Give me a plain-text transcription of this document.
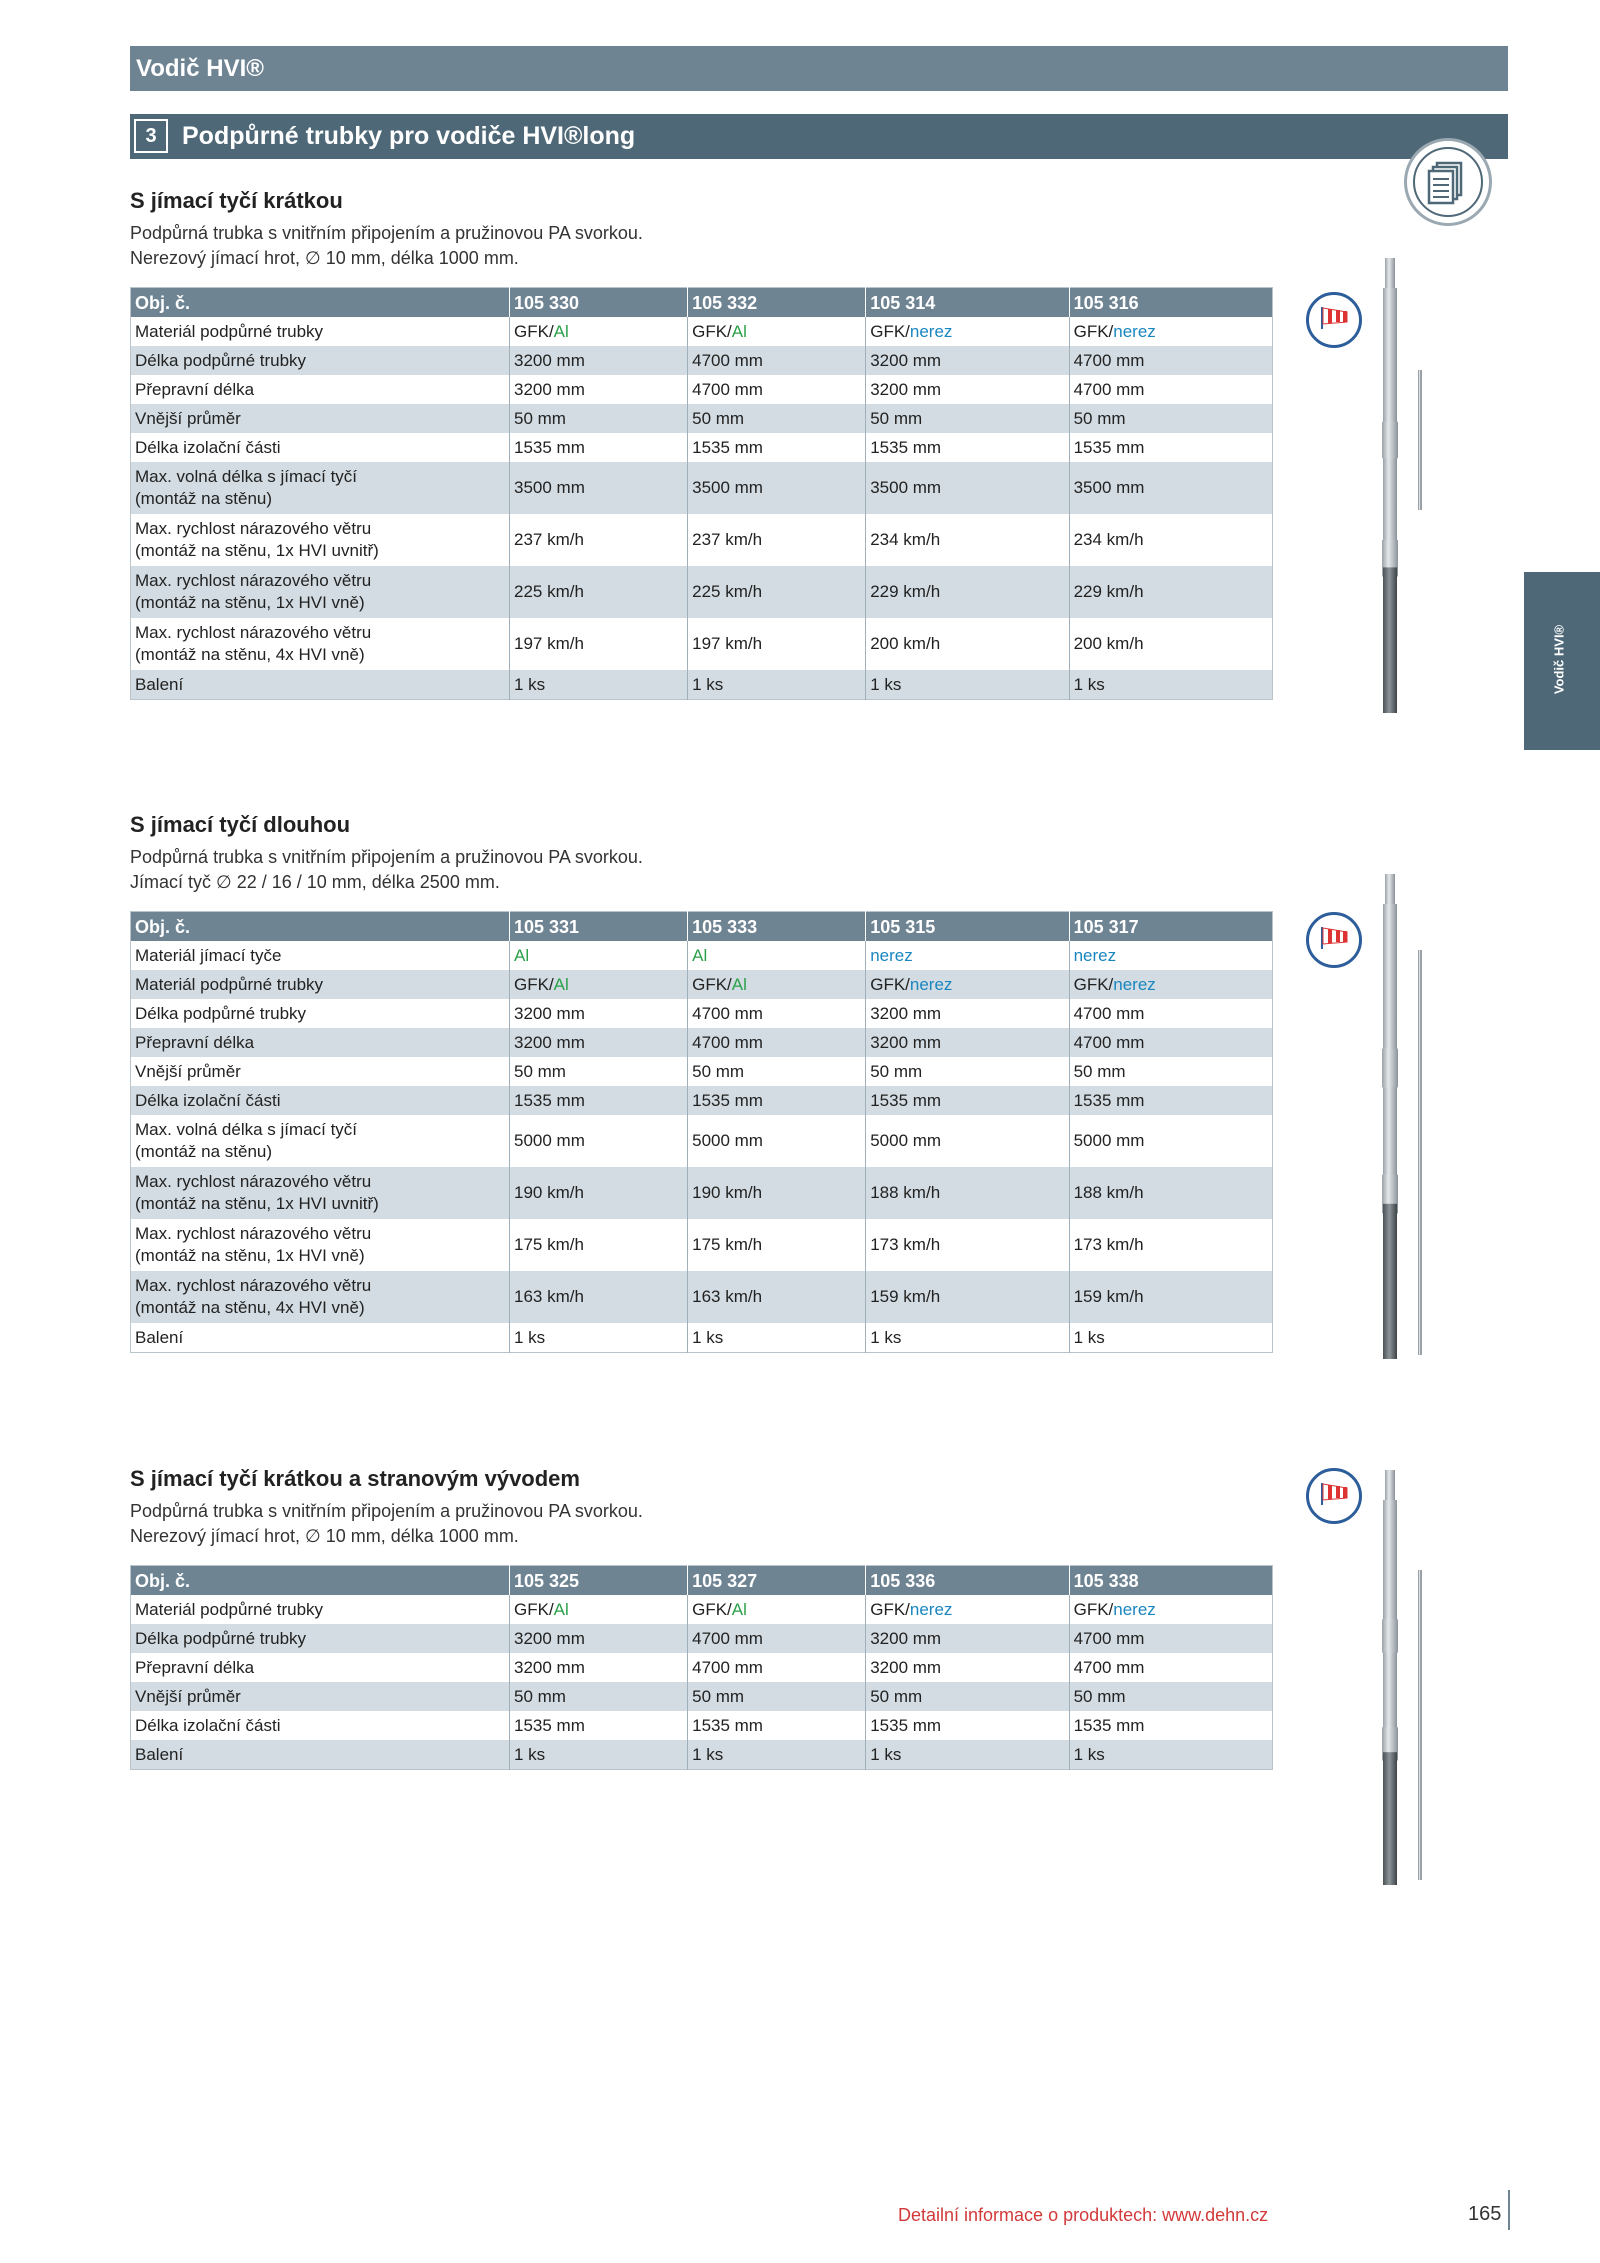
Vodič HVI®
3	Podpůrné trubky pro vodiče HVI®long
Vodič HVI®
S jímací tyčí krátkou
Podpůrná trubka s vnitřním připojením a pružinovou PA svorkou.
Nerezový jímací hrot, ∅ 10 mm, délka 1000 mm.
Obj. č.	105 330	105 332	105 314	105 316

Materiál podpůrné trubky	GFK/Al	GFK/Al	GFK/nerez	GFK/nerez

Délka podpůrné trubky	3200 mm	4700 mm	3200 mm	4700 mm

Přepravní délka	3200 mm	4700 mm	3200 mm	4700 mm

Vnější průměr	50 mm	50 mm	50 mm	50 mm

Délka izolační části	1535 mm	1535 mm	1535 mm	1535 mm

Max. volná délka s jímací tyčí
(montáž na stěnu)	3500 mm	3500 mm	3500 mm	3500 mm

Max. rychlost nárazového větru
(montáž na stěnu, 1x HVI uvnitř)	237 km/h	237 km/h	234 km/h	234 km/h

Max. rychlost nárazového větru
(montáž na stěnu, 1x HVI vně)	225 km/h	225 km/h	229 km/h	229 km/h

Max. rychlost nárazového větru
(montáž na stěnu, 4x HVI vně)	197 km/h	197 km/h	200 km/h	200 km/h

Balení	1 ks	1 ks	1 ks	1 ks
S jímací tyčí dlouhou
Podpůrná trubka s vnitřním připojením a pružinovou PA svorkou.
Jímací tyč ∅ 22 / 16 / 10 mm, délka 2500 mm.
Obj. č.	105 331	105 333	105 315	105 317

Materiál jímací tyče	Al	Al	nerez	nerez

Materiál podpůrné trubky	GFK/Al	GFK/Al	GFK/nerez	GFK/nerez

Délka podpůrné trubky	3200 mm	4700 mm	3200 mm	4700 mm

Přepravní délka	3200 mm	4700 mm	3200 mm	4700 mm

Vnější průměr	50 mm	50 mm	50 mm	50 mm

Délka izolační části	1535 mm	1535 mm	1535 mm	1535 mm

Max. volná délka s jímací tyčí
(montáž na stěnu)	5000 mm	5000 mm	5000 mm	5000 mm

Max. rychlost nárazového větru
(montáž na stěnu, 1x HVI uvnitř)	190 km/h	190 km/h	188 km/h	188 km/h

Max. rychlost nárazového větru
(montáž na stěnu, 1x HVI vně)	175 km/h	175 km/h	173 km/h	173 km/h

Max. rychlost nárazového větru
(montáž na stěnu, 4x HVI vně)	163 km/h	163 km/h	159 km/h	159 km/h

Balení	1 ks	1 ks	1 ks	1 ks
S jímací tyčí krátkou a stranovým vývodem
Podpůrná trubka s vnitřním připojením a pružinovou PA svorkou.
Nerezový jímací hrot, ∅ 10 mm, délka 1000 mm.
Obj. č.	105 325	105 327	105 336	105 338

Materiál podpůrné trubky	GFK/Al	GFK/Al	GFK/nerez	GFK/nerez

Délka podpůrné trubky	3200 mm	4700 mm	3200 mm	4700 mm

Přepravní délka	3200 mm	4700 mm	3200 mm	4700 mm

Vnější průměr	50 mm	50 mm	50 mm	50 mm

Délka izolační části	1535 mm	1535 mm	1535 mm	1535 mm

Balení	1 ks	1 ks	1 ks	1 ks
Detailní informace o produktech: www.dehn.cz	165
